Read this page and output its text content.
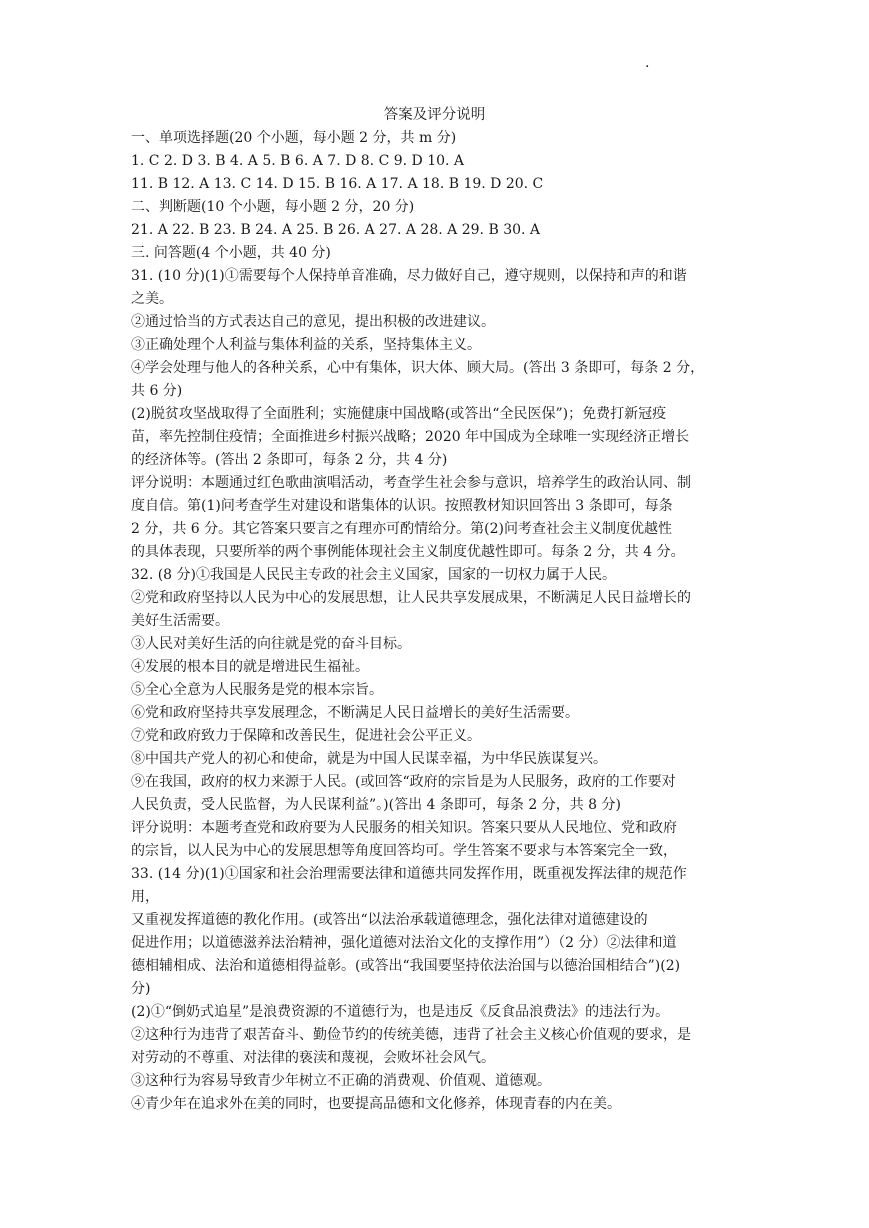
·
答案及评分说明
一、单项选择题(20 个小题，每小题 2 分，共 m 分)
1. C 2. D 3. B 4. A 5. B 6. A 7. D 8. C 9. D 10. A
11. B 12. A 13. C 14. D 15. B 16. A 17. A 18. B 19. D 20. C
二、判断题(10 个小题，每小题 2 分，20 分)
21. A 22. B 23. B 24. A 25. B 26. A 27. A 28. A 29. B 30. A
三. 问答题(4 个小题，共 40 分)
31. (10 分)(1)①需要每个人保持单音准确，尽力做好自己，遵守规则，以保持和声的和谐
之美。
②通过恰当的方式表达自己的意见，提出积极的改进建议。
③正确处理个人利益与集体利益的关系，坚持集体主义。
④学会处理与他人的各种关系，心中有集体，识大体、顾大局。(答出 3 条即可，每条 2 分，
共 6 分)
(2)脱贫攻坚战取得了全面胜利；实施健康中国战略(或答出“全民医保”)；免费打新冠疫
苗，率先控制住疫情；全面推进乡村振兴战略；2020 年中国成为全球唯一实现经济正增长
的经济体等。(答出 2 条即可，每条 2 分，共 4 分)
评分说明：本题通过红色歌曲演唱活动，考查学生社会参与意识，培养学生的政治认同、制
度自信。第(1)问考查学生对建设和谐集体的认识。按照教材知识回答出 3 条即可，每条
2 分，共 6 分。其它答案只要言之有理亦可酌情给分。第(2)问考查社会主义制度优越性
的具体表现，只要所举的两个事例能体现社会主义制度优越性即可。每条 2 分，共 4 分。
32. (8 分)①我国是人民民主专政的社会主义国家，国家的一切权力属于人民。
②党和政府坚持以人民为中心的发展思想，让人民共享发展成果，不断满足人民日益增长的
美好生活需要。
③人民对美好生活的向往就是党的奋斗目标。
④发展的根本目的就是增进民生福祉。
⑤全心全意为人民服务是党的根本宗旨。
⑥党和政府坚持共享发展理念，不断满足人民日益增长的美好生活需要。
⑦党和政府致力于保障和改善民生，促进社会公平正义。
⑧中国共产党人的初心和使命，就是为中国人民谋幸福，为中华民族谋复兴。
⑨在我国，政府的权力来源于人民。(或回答“政府的宗旨是为人民服务，政府的工作要对
人民负责，受人民监督，为人民谋利益”。)(答出 4 条即可，每条 2 分，共 8 分)
评分说明：本题考查党和政府要为人民服务的相关知识。答案只要从人民地位、党和政府
的宗旨，以人民为中心的发展思想等角度回答均可。学生答案不要求与本答案完全一致，
33. (14 分)(1)①国家和社会治理需要法律和道德共同发挥作用，既重视发挥法律的规范作
用，
又重视发挥道德的教化作用。(或答出“以法治承载道德理念，强化法律对道德建设的
促进作用；以道德滋养法治精神，强化道德对法治文化的支撑作用”）（2 分）②法律和道
德相辅相成、法治和道德相得益彰。(或答出“我国要坚持依法治国与以德治国相结合”)(2)
分)
(2)①“倒奶式追星”是浪费资源的不道德行为，也是违反《反食品浪费法》的违法行为。
②这种行为违背了艰苦奋斗、勤俭节约的传统美德，违背了社会主义核心价值观的要求，是
对劳动的不尊重、对法律的亵渎和蔑视，会败坏社会风气。
③这种行为容易导致青少年树立不正确的消费观、价值观、道德观。
④青少年在追求外在美的同时，也要提高品德和文化修养，体现青春的内在美。
